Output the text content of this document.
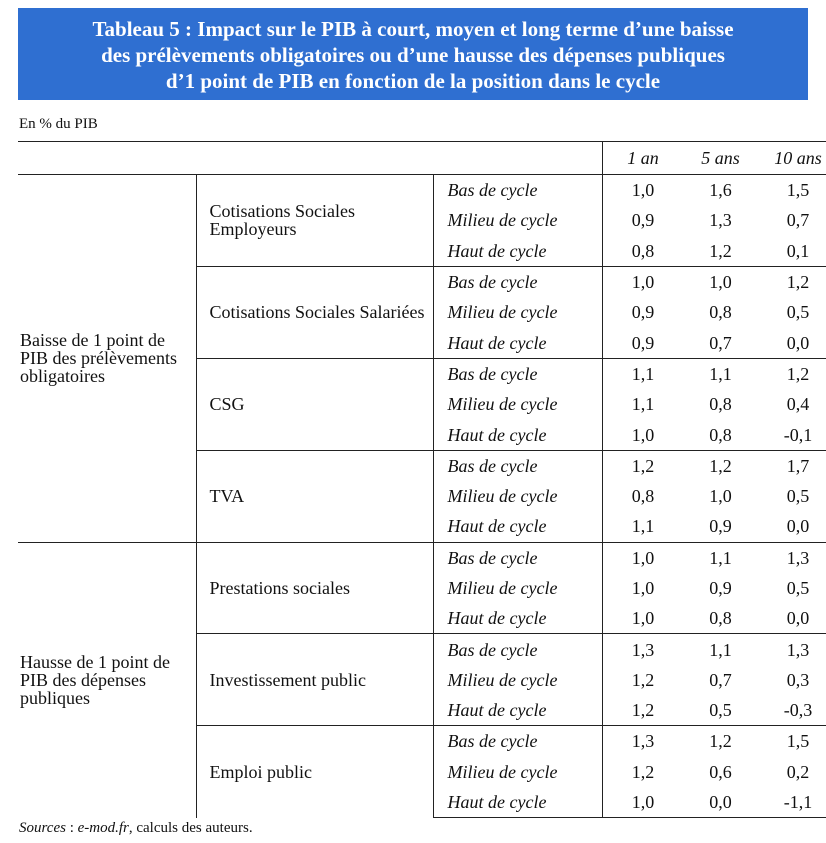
Tableau 5 : Impact sur le PIB à court, moyen et long terme d’une baisse
des prélèvements obligatoires ou d’une hausse des dépenses publiques
d’1 point de PIB en fonction de la position dans le cycle
En % du PIB
			1 an	5 ans	10 ans
Baisse de 1 point de PIB des prélèvements obligatoires	Cotisations Sociales Employeurs	Bas de cycle	1,0	1,6	1,5
		Milieu de cycle	0,9	1,3	0,7
		Haut de cycle	0,8	1,2	0,1
	Cotisations Sociales Salariées	Bas de cycle	1,0	1,0	1,2
		Milieu de cycle	0,9	0,8	0,5
		Haut de cycle	0,9	0,7	0,0
	CSG	Bas de cycle	1,1	1,1	1,2
		Milieu de cycle	1,1	0,8	0,4
		Haut de cycle	1,0	0,8	-0,1
	TVA	Bas de cycle	1,2	1,2	1,7
		Milieu de cycle	0,8	1,0	0,5
		Haut de cycle	1,1	0,9	0,0
Hausse de 1 point de PIB des dépenses publiques	Prestations sociales	Bas de cycle	1,0	1,1	1,3
		Milieu de cycle	1,0	0,9	0,5
		Haut de cycle	1,0	0,8	0,0
	Investissement public	Bas de cycle	1,3	1,1	1,3
		Milieu de cycle	1,2	0,7	0,3
		Haut de cycle	1,2	0,5	-0,3
	Emploi public	Bas de cycle	1,3	1,2	1,5
		Milieu de cycle	1,2	0,6	0,2
		Haut de cycle	1,0	0,0	-1,1
Sources : e-mod.fr, calculs des auteurs.
